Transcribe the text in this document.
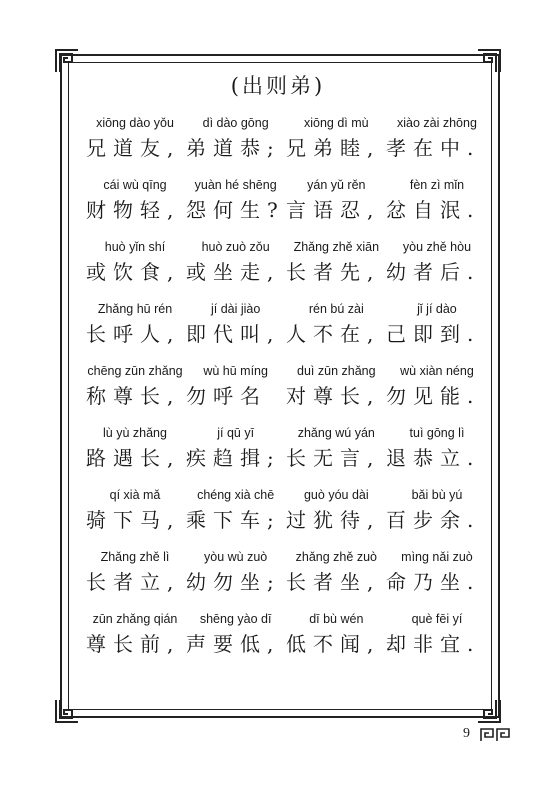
(出则弟)
xiōng dào yǒu	dì dào gōng	xiōng dì mù	xiào zài zhōng
兄道友, 弟道恭; 兄弟睦, 孝在中.
cái wù qīng	yuàn hé shēng	yán yǔ rěn	fèn zì mǐn
财物轻, 怨何生? 言语忍, 忿自泯.
huò yǐn shí	huò zuò zǒu	Zhǎng zhě xiān	yòu zhě hòu
或饮食, 或坐走, 长者先, 幼者后.
Zhǎng hū rén	jí dài jiào	rén bú zài	jǐ jí dào
长呼人, 即代叫, 人不在, 己即到.
chēng zūn zhǎng	wù hū míng	duì zūn zhǎng	wù xiàn néng
称尊长, 勿呼名 对尊长, 勿见能.
lù yù zhǎng	jí qū yī	zhǎng wú yán	tuì gōng lì
路遇长, 疾趋揖; 长无言, 退恭立.
qí xià mǎ	chéng xià chē	guò yóu dài	bǎi bù yú
骑下马, 乘下车; 过犹待, 百步余.
Zhǎng zhě lì	yòu wù zuò	zhǎng zhě zuò	mìng nǎi zuò
长者立, 幼勿坐; 长者坐, 命乃坐.
zūn zhǎng qián	shēng yào dī	dī bù wén	què fēi yí
尊长前, 声要低, 低不闻, 却非宜.
9
